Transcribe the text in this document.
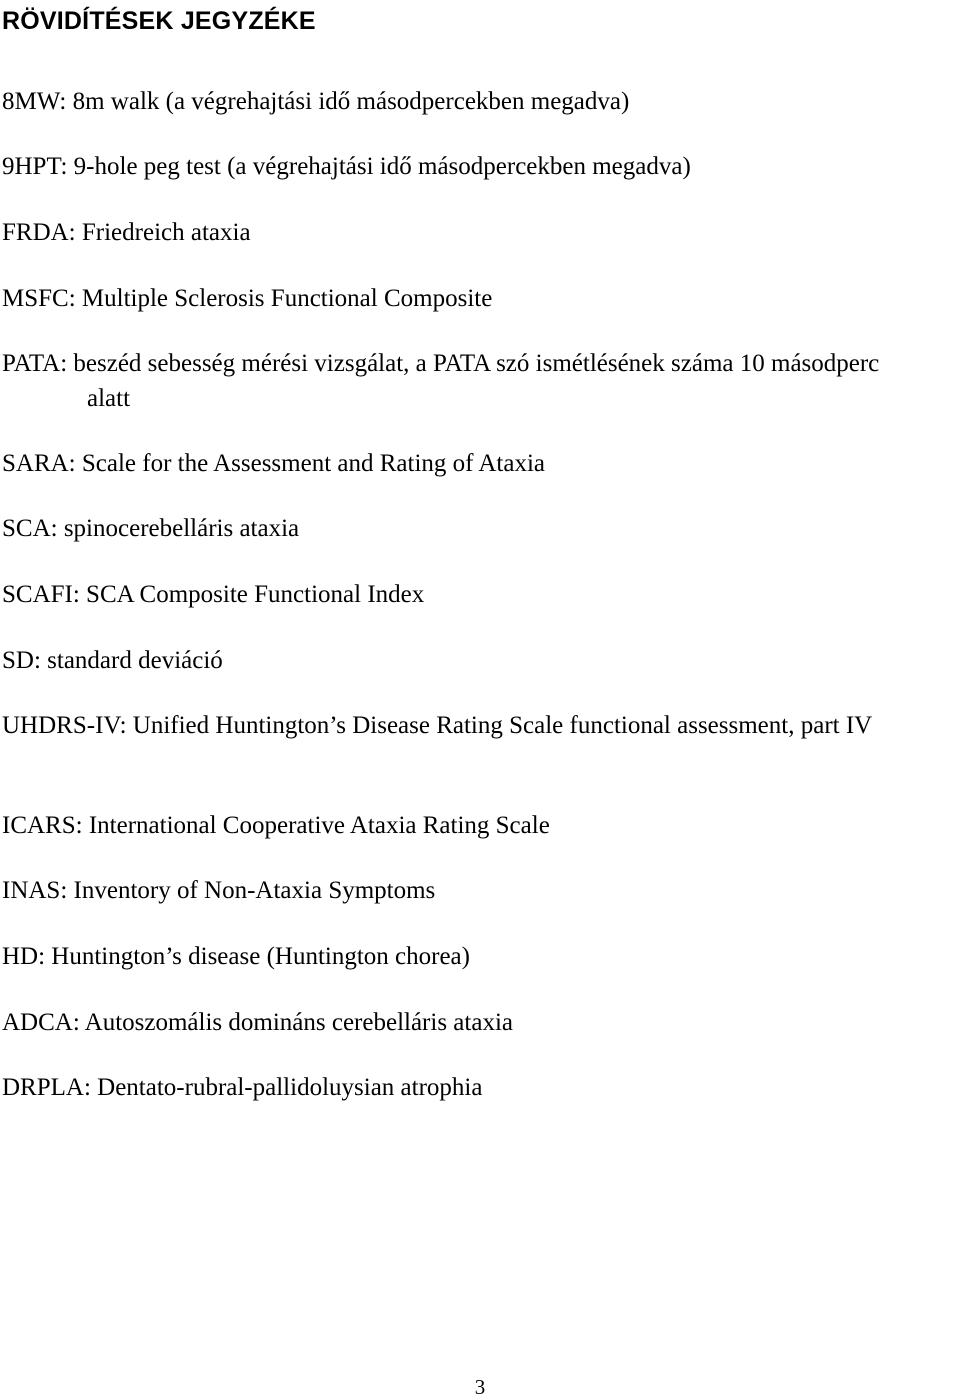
RÖVIDÍTÉSEK JEGYZÉKE

8MW: 8m walk (a végrehajtási idő másodpercekben megadva)

9HPT: 9-hole peg test (a végrehajtási idő másodpercekben megadva)

FRDA: Friedreich ataxia

MSFC: Multiple Sclerosis Functional Composite

PATA: beszéd sebesség mérési vizsgálat, a PATA szó ismétlésének száma 10 másodperc alatt

SARA: Scale for the Assessment and Rating of Ataxia

SCA: spinocerebelláris ataxia

SCAFI: SCA Composite Functional Index

SD: standard deviáció

UHDRS-IV: Unified Huntington’s Disease Rating Scale functional assessment, part IV

ICARS: International Cooperative Ataxia Rating Scale

INAS: Inventory of Non-Ataxia Symptoms

HD: Huntington’s disease (Huntington chorea)

ADCA: Autoszomális domináns cerebelláris ataxia

DRPLA: Dentato-rubral-pallidoluysian atrophia

3
